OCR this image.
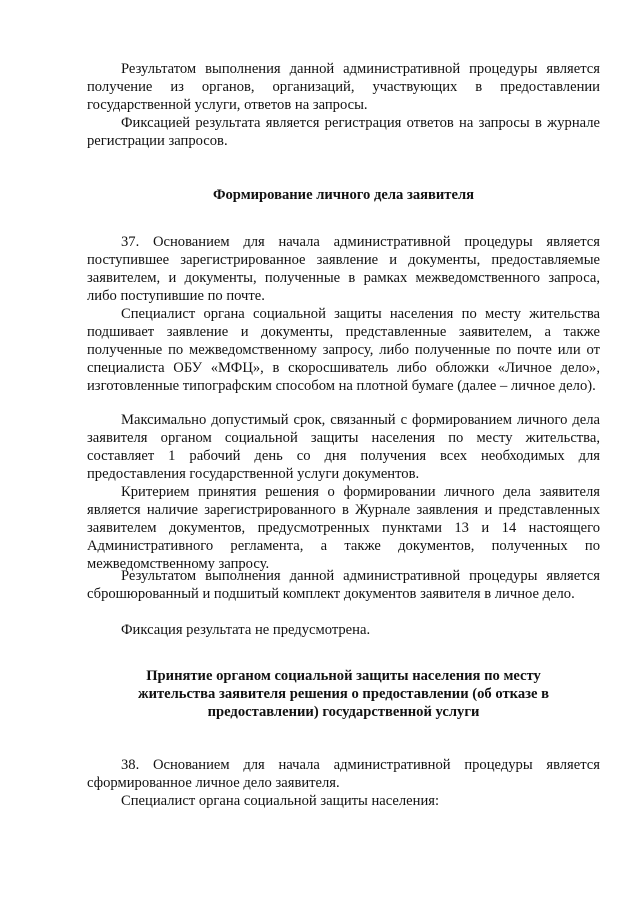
Результатом выполнения данной административной процедуры является получение из органов, организаций, участвующих в предоставлении государственной услуги, ответов на запросы.

Фиксацией результата является регистрация ответов на запросы в журнале регистрации запросов.

Формирование личного дела заявителя

37. Основанием для начала административной процедуры является поступившее зарегистрированное заявление и документы, предоставляемые заявителем, и документы, полученные в рамках межведомственного запроса, либо поступившие по почте.

Специалист органа социальной защиты населения по месту жительства подшивает заявление и документы, представленные заявителем, а также полученные по межведомственному запросу, либо полученные по почте или от специалиста ОБУ «МФЦ», в скоросшиватель либо обложки «Личное дело», изготовленные типографским способом на плотной бумаге (далее – личное дело).

Максимально допустимый срок, связанный с формированием личного дела заявителя органом социальной защиты населения по месту жительства, составляет 1 рабочий день со дня получения всех необходимых для предоставления государственной услуги документов.

Критерием принятия решения о формировании личного дела заявителя является наличие зарегистрированного в Журнале заявления и представленных заявителем документов, предусмотренных пунктами 13 и 14 настоящего Административного регламента, а также документов, полученных по межведомственному запросу.

Результатом выполнения данной административной процедуры является сброшюрованный и подшитый комплект документов заявителя в личное дело.

Фиксация результата не предусмотрена.

Принятие органом социальной защиты населения по месту
жительства заявителя решения о предоставлении (об отказе в
предоставлении) государственной услуги

38. Основанием для начала административной процедуры является сформированное личное дело заявителя.

Специалист органа социальной защиты населения:
